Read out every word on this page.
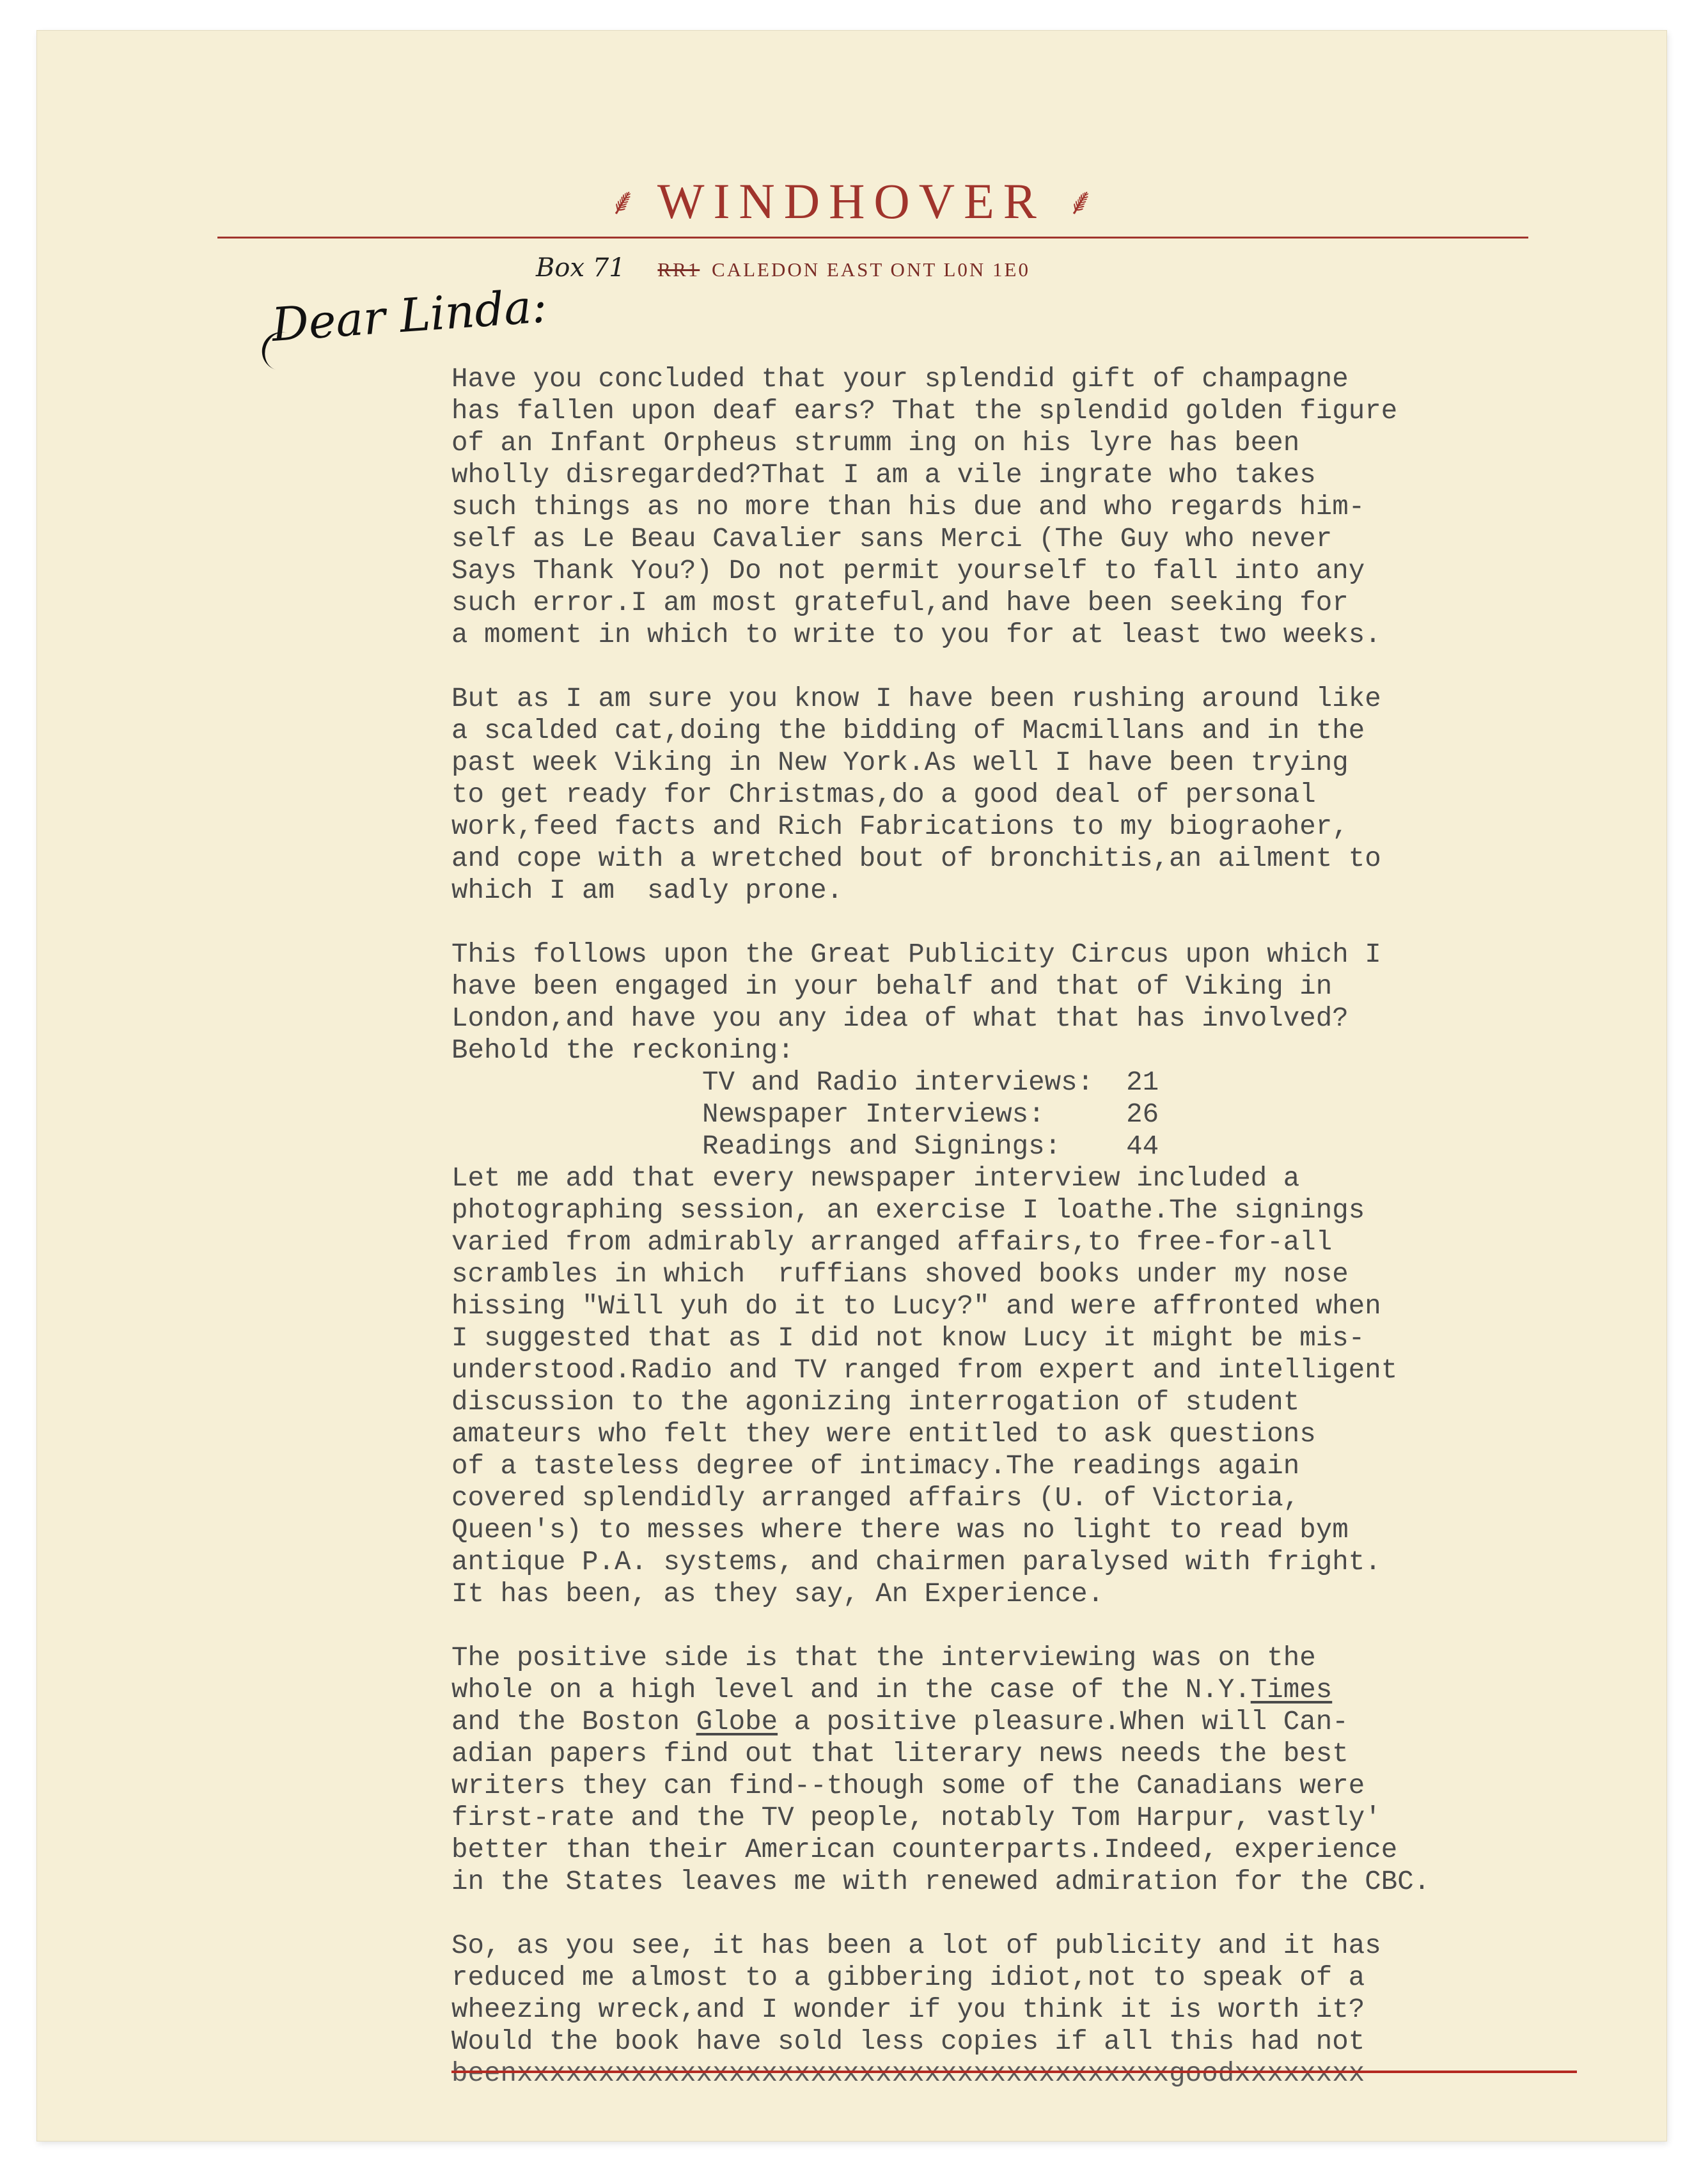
⸙ WINDHOVER ⸙
Box 71 RR1 CALEDON EAST ONT L0N 1E0
Dear Linda:
Have you concluded that your splendid gift of champagne
has fallen upon deaf ears? That the splendid golden figure
of an Infant Orpheus strumm ing on his lyre has been
wholly disregarded?That I am a vile ingrate who takes
such things as no more than his due and who regards him-
self as Le Beau Cavalier sans Merci (The Guy who never
Says Thank You?) Do not permit yourself to fall into any
such error.I am most grateful,and have been seeking for
a moment in which to write to you for at least two weeks.
But as I am sure you know I have been rushing around like
a scalded cat,doing the bidding of Macmillans and in the
past week Viking in New York.As well I have been trying
to get ready for Christmas,do a good deal of personal
work,feed facts and Rich Fabrications to my biograoher,
and cope with a wretched bout of bronchitis,an ailment to
which I am  sadly prone.
This follows upon the Great Publicity Circus upon which I
have been engaged in your behalf and that of Viking in
London,and have you any idea of what that has involved?
Behold the reckoning:
TV and Radio interviews:  21
Newspaper Interviews:     26
Readings and Signings:    44
Let me add that every newspaper interview included a
photographing session, an exercise I loathe.The signings
varied from admirably arranged affairs,to free-for-all
scrambles in which  ruffians shoved books under my nose
hissing "Will yuh do it to Lucy?" and were affronted when
I suggested that as I did not know Lucy it might be mis-
understood.Radio and TV ranged from expert and intelligent
discussion to the agonizing interrogation of student
amateurs who felt they were entitled to ask questions
of a tasteless degree of intimacy.The readings again
covered splendidly arranged affairs (U. of Victoria,
Queen's) to messes where there was no light to read bym
antique P.A. systems, and chairmen paralysed with fright.
It has been, as they say, An Experience.
The positive side is that the interviewing was on the
whole on a high level and in the case of the N.Y.Times
and the Boston Globe a positive pleasure.When will Can-
adian papers find out that literary news needs the best
writers they can find--though some of the Canadians were
first-rate and the TV people, notably Tom Harpur, vastly'
better than their American counterparts.Indeed, experience
in the States leaves me with renewed admiration for the CBC.
So, as you see, it has been a lot of publicity and it has
reduced me almost to a gibbering idiot,not to speak of a
wheezing wreck,and I wonder if you think it is worth it?
Would the book have sold less copies if all this had not
beenxxxxxxxxxxxxxxxxxxxxxxxxxxxxxxxxxxxxxxxxgoodxxxxxxxx
